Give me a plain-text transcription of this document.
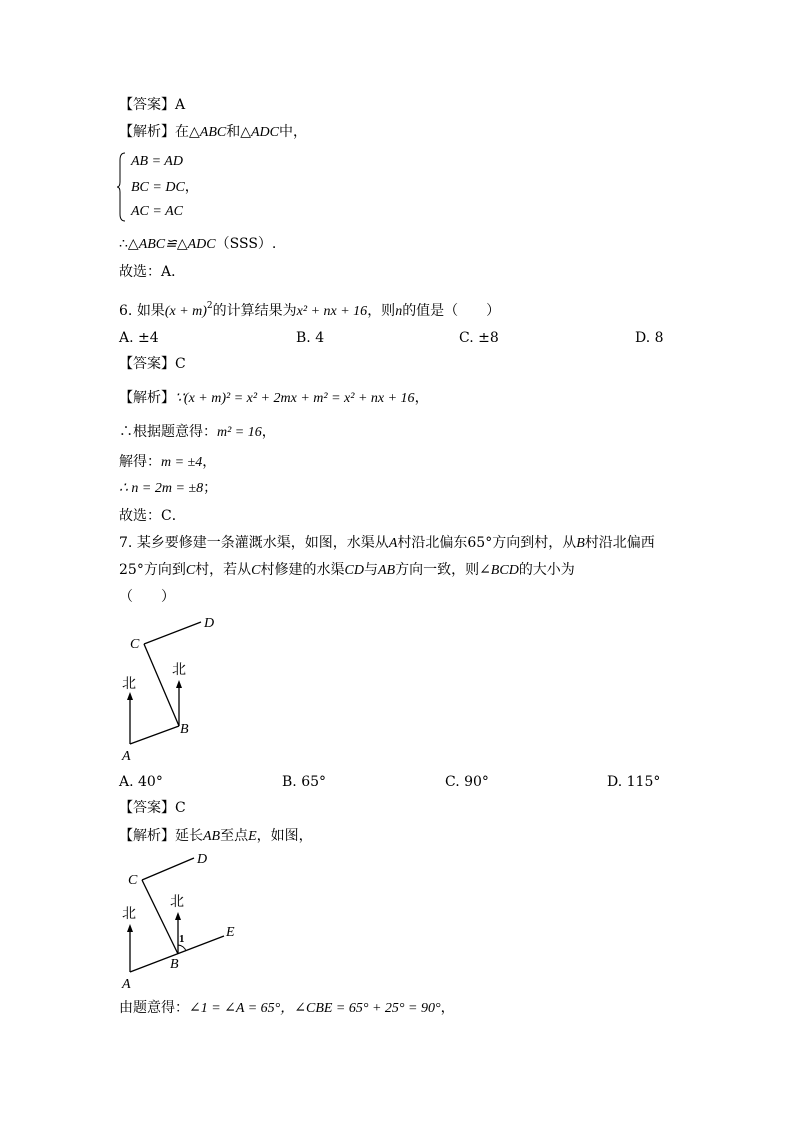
【答案】A
【解析】在△ABC和△ADC中，
AB = AD
BC = DC，
AC = AC
∴△ABC≌△ADC（SSS）.
故选：A．
6. 如果$(x + m)^2$的计算结果为x² + nx + 16，则n的值是（　　）
A. ±4	B. 4	C. ±8	D. 8
【答案】C
【解析】∵(x + m)² = x² + 2mx + m² = x² + nx + 16，
∴根据题意得：m² = 16，
解得：m = ±4，
∴ n = 2m = ±8；
故选：C．
7. 某乡要修建一条灌溉水渠，如图，水渠从A村沿北偏东65°方向到村，从B村沿北偏西
25°方向到C村，若从C村修建的水渠CD与AB方向一致，则∠BCD的大小为
（　　）
C
D
北
北
B
A
A. 40°	B. 65°	C. 90°	D. 115°
【答案】C
【解析】延长AB至点E，如图，
C
D
北
北
1	E
B
A
由题意得：∠1 = ∠A = 65°，∠CBE = 65° + 25° = 90°，
